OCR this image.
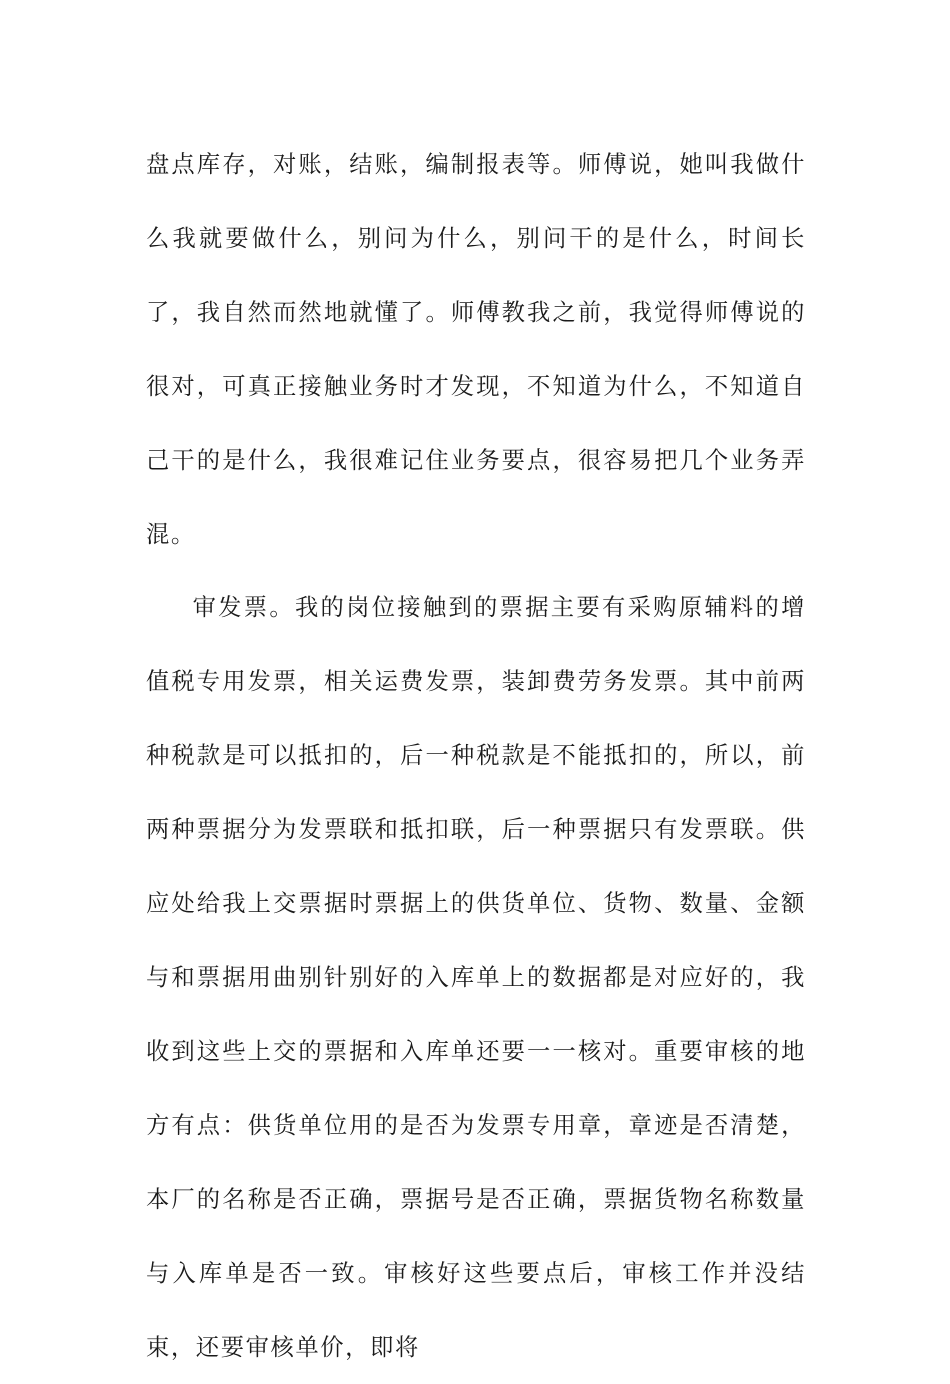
盘点库存，对账，结账，编制报表等。师傅说，她叫我做什么我就要做什么，别问为什么，别问干的是什么，时间长了，我自然而然地就懂了。师傅教我之前，我觉得师傅说的很对，可真正接触业务时才发现，不知道为什么，不知道自己干的是什么，我很难记住业务要点，很容易把几个业务弄混。

审发票。我的岗位接触到的票据主要有采购原辅料的增值税专用发票，相关运费发票，装卸费劳务发票。其中前两种税款是可以抵扣的，后一种税款是不能抵扣的，所以，前两种票据分为发票联和抵扣联，后一种票据只有发票联。供应处给我上交票据时票据上的供货单位、货物、数量、金额与和票据用曲别针别好的入库单上的数据都是对应好的，我收到这些上交的票据和入库单还要一一核对。重要审核的地方有点：供货单位用的是否为发票专用章，章迹是否清楚，本厂的名称是否正确，票据号是否正确，票据货物名称数量与入库单是否一致。审核好这些要点后，审核工作并没结束，还要审核单价，即将
